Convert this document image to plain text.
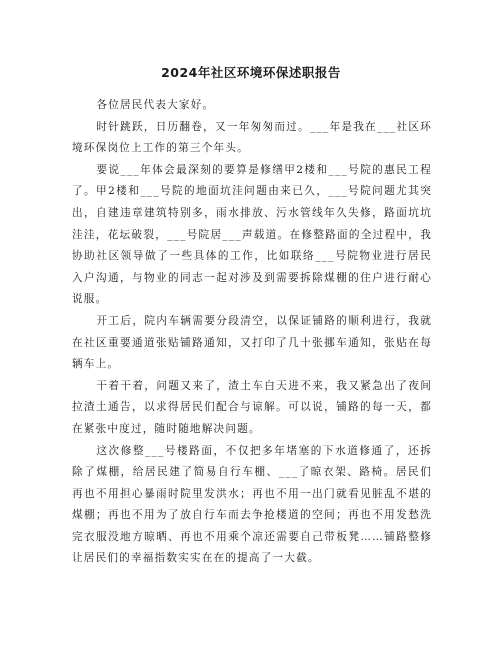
2024年社区环境环保述职报告

各位居民代表大家好。

时针跳跃，日历翻卷，又一年匆匆而过。___年是我在___社区环境环保岗位上工作的第三个年头。

要说___年体会最深刻的要算是修缮甲2楼和___号院的惠民工程了。甲2楼和___号院的地面坑洼问题由来已久，___号院问题尤其突出，自建违章建筑特别多，雨水排放、污水管线年久失修，路面坑坑洼洼，花坛破裂，___号院居___声载道。在修整路面的全过程中，我协助社区领导做了一些具体的工作，比如联络___号院物业进行居民入户沟通，与物业的同志一起对涉及到需要拆除煤棚的住户进行耐心说服。

开工后，院内车辆需要分段清空，以保证铺路的顺利进行，我就在社区重要通道张贴铺路通知，又打印了几十张挪车通知，张贴在每辆车上。

干着干着，问题又来了，渣土车白天进不来，我又紧急出了夜间拉渣土通告，以求得居民们配合与谅解。可以说，铺路的每一天，都在紧张中度过，随时随地解决问题。

这次修整___号楼路面，不仅把多年堵塞的下水道修通了，还拆除了煤棚，给居民建了简易自行车棚、___了晾衣架、路椅。居民们再也不用担心暴雨时院里发洪水；再也不用一出门就看见脏乱不堪的煤棚；再也不用为了放自行车而去争抢楼道的空间；再也不用发愁洗完衣服没地方晾晒、再也不用乘个凉还需要自己带板凳……铺路整修让居民们的幸福指数实实在在的提高了一大截。
